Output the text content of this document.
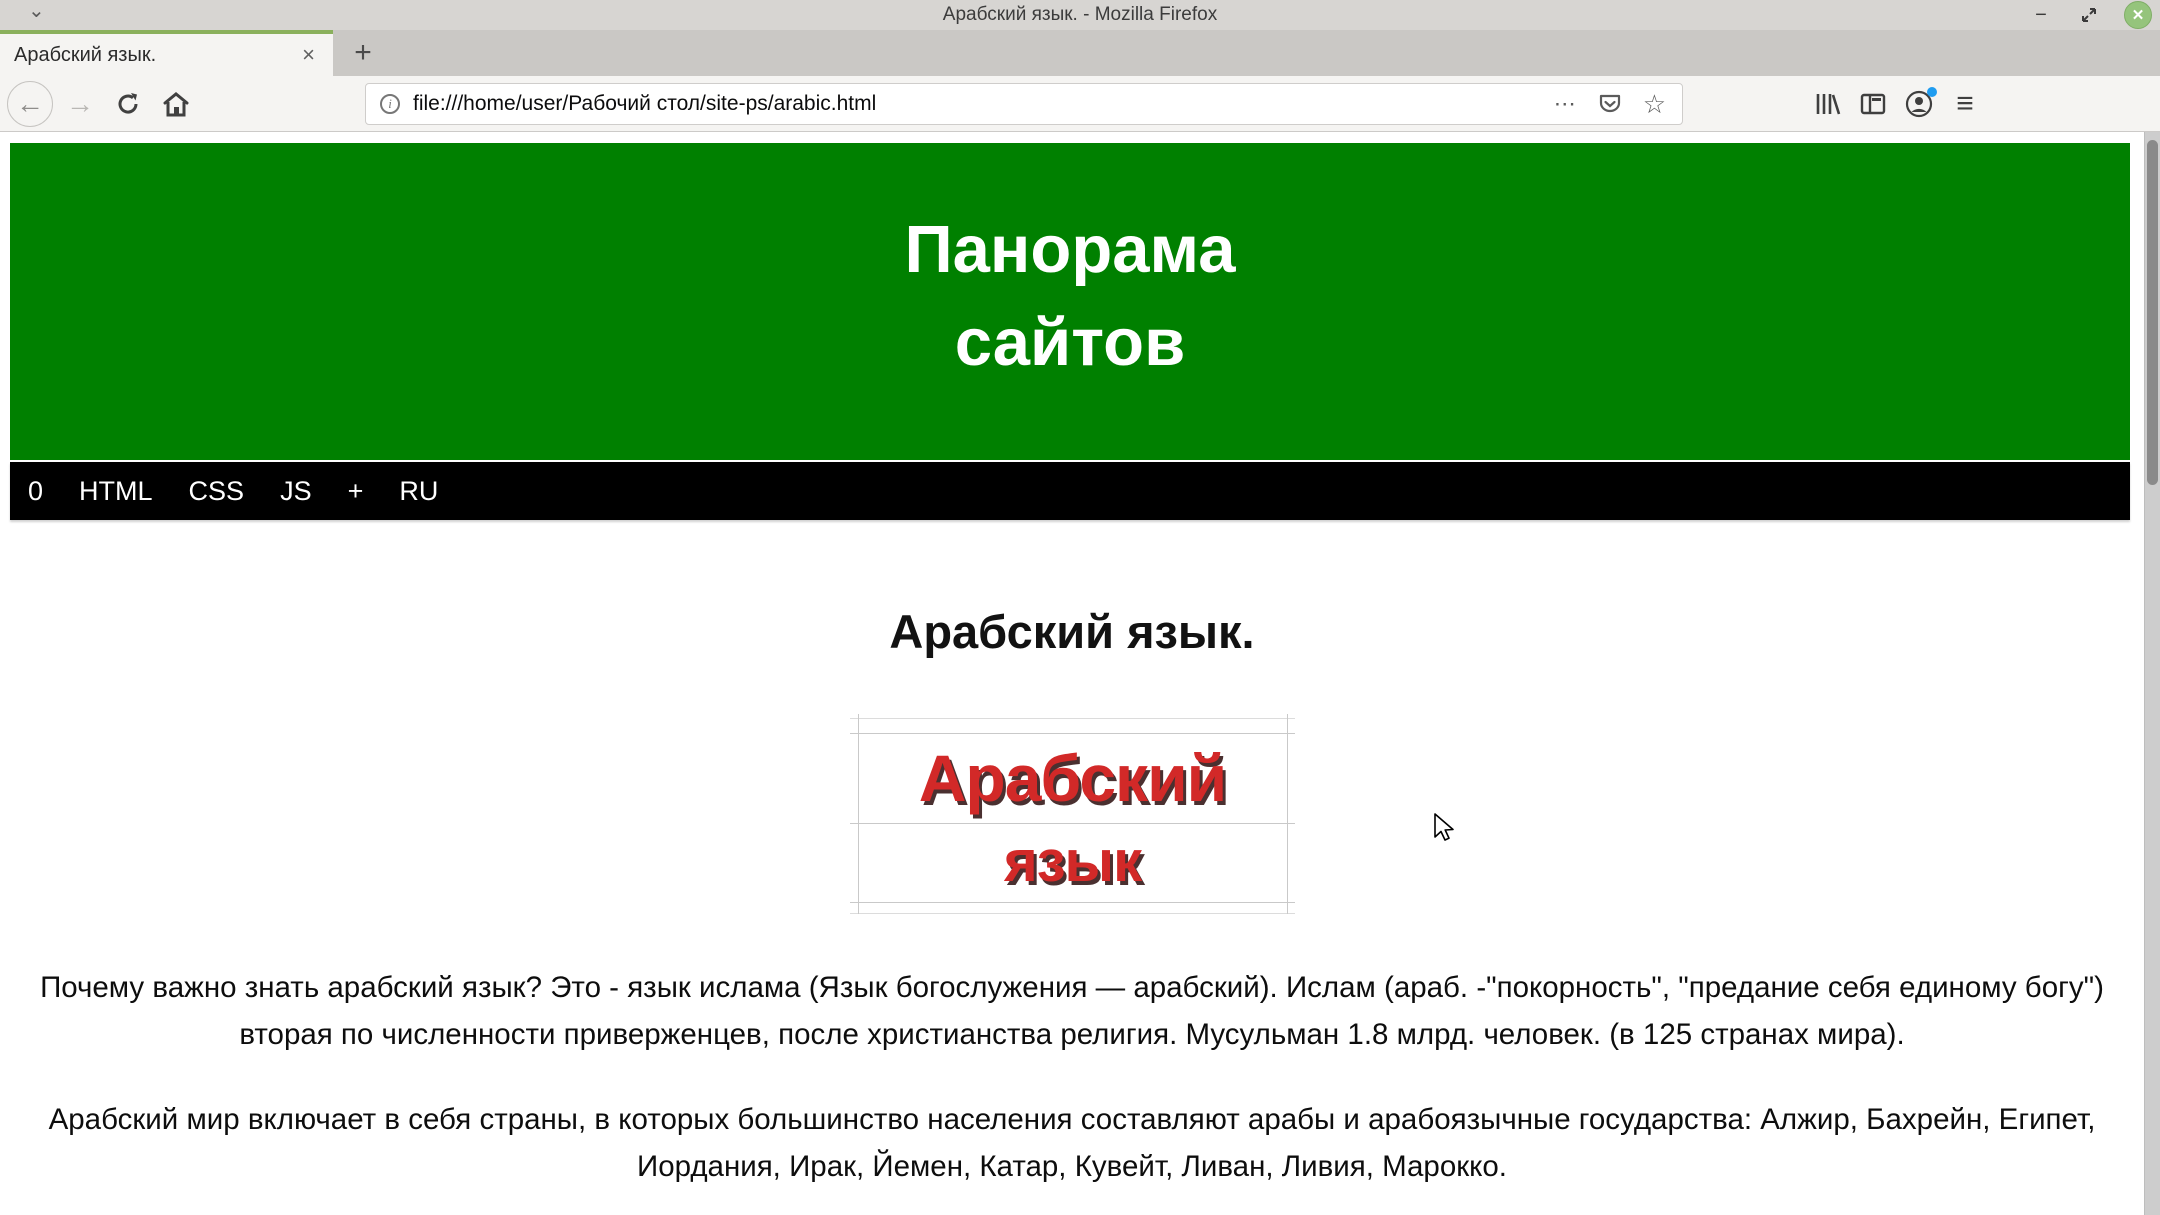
⌄	Арабский язык. - Mozilla Firefox	−	✕
Арабский язык.	×	+
← →	i	file:///home/user/Рабочий стол/site-ps/arabic.html	⋯	☆	≡
Панорама
сайтов
0 HTML CSS JS + RU
Арабский язык.
Арабский
язык

Почему важно знать арабский язык? Это - язык ислама (Язык богослужения — арабский). Ислам (араб. -"покорность", "предание себя единому богу") вторая по численности приверженцев, после христианства религия. Мусульман 1.8 млрд. человек. (в 125 странах мира).

Арабский мир включает в себя страны, в которых большинство населения составляют арабы и арабоязычные государства: Алжир, Бахрейн, Египет, Иордания, Ирак, Йемен, Катар, Кувейт, Ливан, Ливия, Марокко.
